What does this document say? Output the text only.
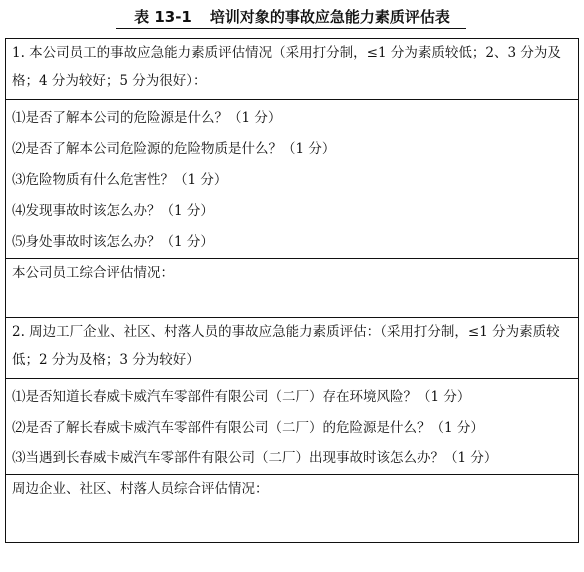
表 13-1 培训对象的事故应急能力素质评估表
1. 本公司员工的事故应急能力素质评估情况（采用打分制，≤1 分为素质较低；2、3 分为及格；4 分为较好；5 分为很好）：

⑴是否了解本公司的危险源是什么？（1 分）
⑵是否了解本公司危险源的危险物质是什么？（1 分）
⑶危险物质有什么危害性？（1 分）
⑷发现事故时该怎么办？（1 分）
⑸身处事故时该怎么办？（1 分）

本公司员工综合评估情况：
2. 周边工厂企业、社区、村落人员的事故应急能力素质评估：（采用打分制，≤1 分为素质较低；2 分为及格；3 分为较好）

⑴是否知道长春威卡威汽车零部件有限公司（二厂）存在环境风险？（1 分）
⑵是否了解长春威卡威汽车零部件有限公司（二厂）的危险源是什么？（1 分）
⑶当遇到长春威卡威汽车零部件有限公司（二厂）出现事故时该怎么办？（1 分）

周边企业、社区、村落人员综合评估情况：
